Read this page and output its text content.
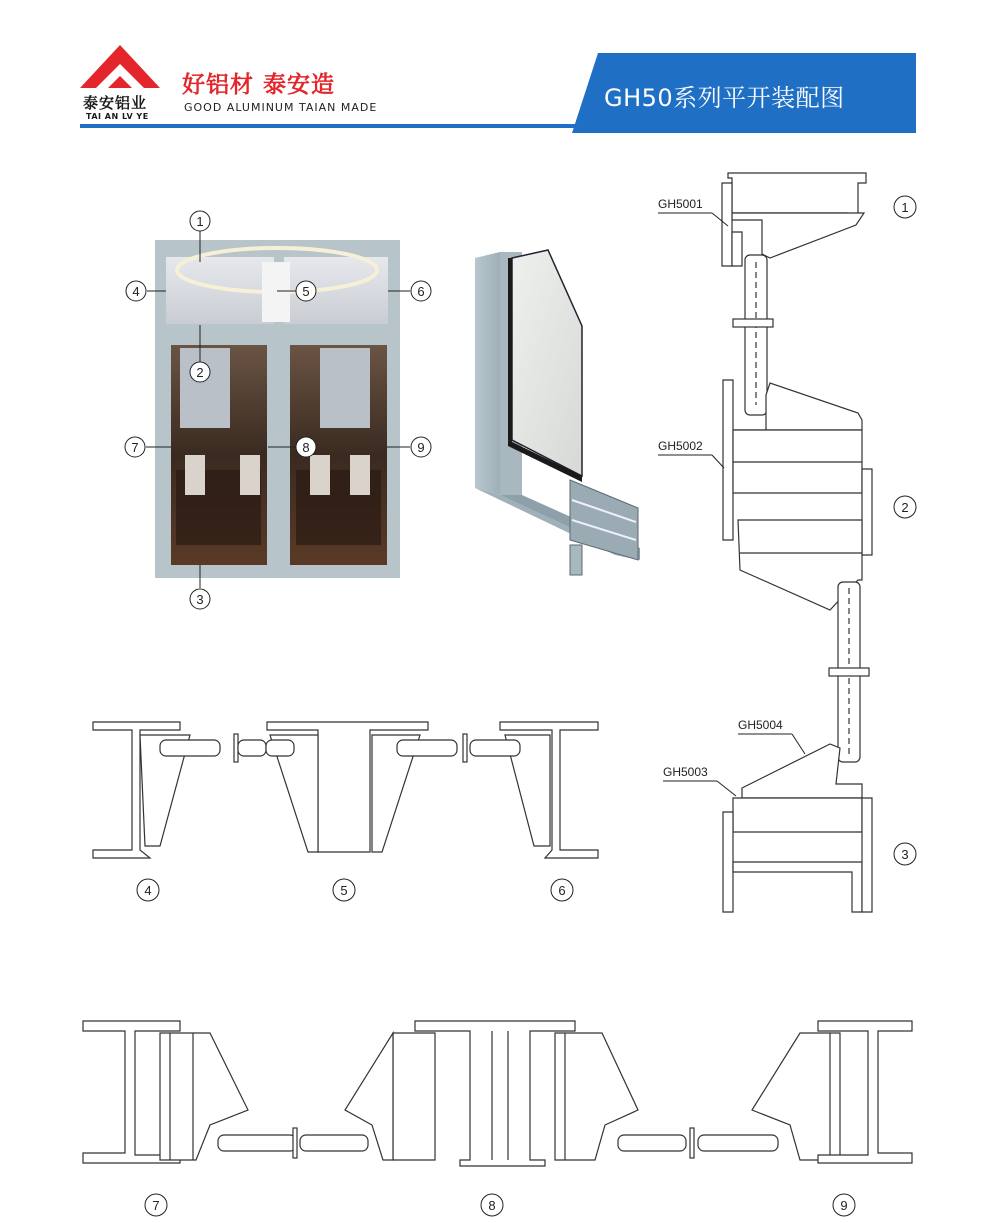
泰安铝业
TAI AN LV YE
好铝材 泰安造
GOOD ALUMINUM TAIAN MADE	GH50系列平开装配图
1
4	5	6
2
7	8	9
3
GH5001
GH5002
GH5004
GH5003
1
2
3
4	5	6
7	8	9
